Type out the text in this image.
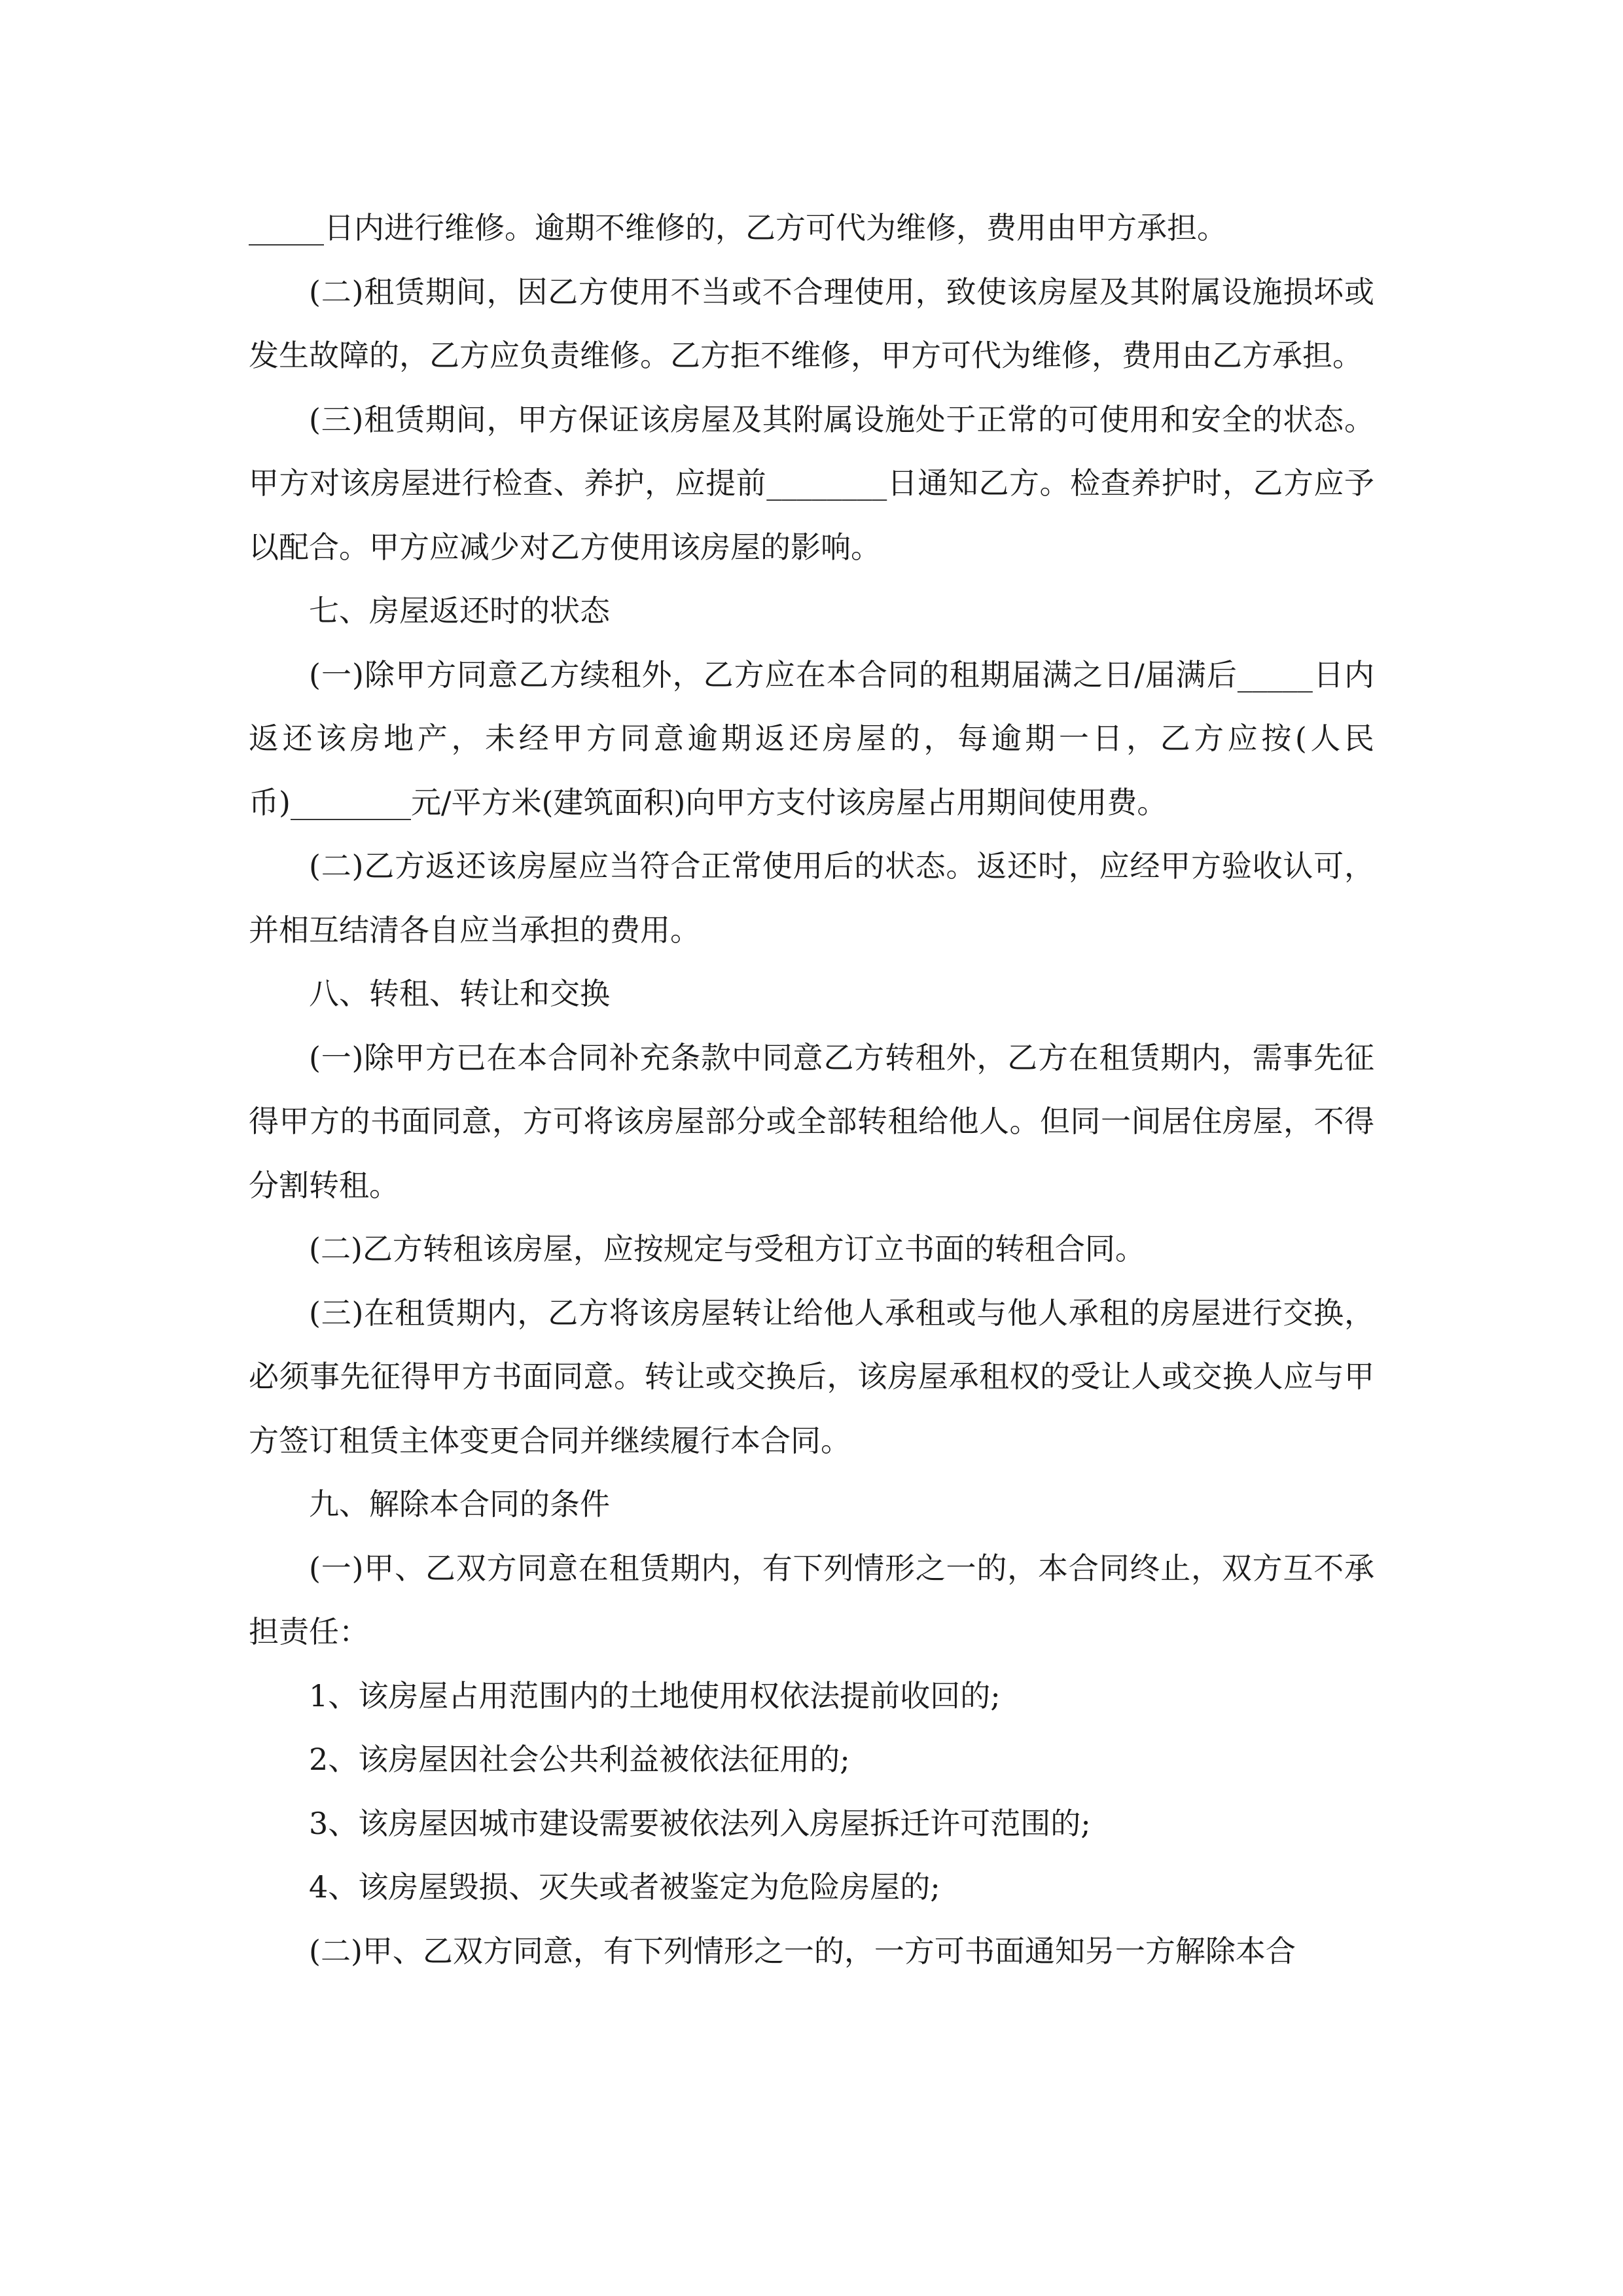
_____日内进行维修。逾期不维修的，乙方可代为维修，费用由甲方承担。

(二)租赁期间，因乙方使用不当或不合理使用，致使该房屋及其附属设施损坏或发生故障的，乙方应负责维修。乙方拒不维修，甲方可代为维修，费用由乙方承担。

(三)租赁期间，甲方保证该房屋及其附属设施处于正常的可使用和安全的状态。甲方对该房屋进行检查、养护，应提前________日通知乙方。检查养护时，乙方应予以配合。甲方应减少对乙方使用该房屋的影响。

七、房屋返还时的状态

(一)除甲方同意乙方续租外，乙方应在本合同的租期届满之日/届满后_____日内返还该房地产，未经甲方同意逾期返还房屋的，每逾期一日，乙方应按(人民币)________元/平方米(建筑面积)向甲方支付该房屋占用期间使用费。

(二)乙方返还该房屋应当符合正常使用后的状态。返还时，应经甲方验收认可，并相互结清各自应当承担的费用。

八、转租、转让和交换

(一)除甲方已在本合同补充条款中同意乙方转租外，乙方在租赁期内，需事先征得甲方的书面同意，方可将该房屋部分或全部转租给他人。但同一间居住房屋，不得分割转租。

(二)乙方转租该房屋，应按规定与受租方订立书面的转租合同。

(三)在租赁期内，乙方将该房屋转让给他人承租或与他人承租的房屋进行交换，必须事先征得甲方书面同意。转让或交换后，该房屋承租权的受让人或交换人应与甲方签订租赁主体变更合同并继续履行本合同。

九、解除本合同的条件

(一)甲、乙双方同意在租赁期内，有下列情形之一的，本合同终止，双方互不承担责任：

1、该房屋占用范围内的土地使用权依法提前收回的;

2、该房屋因社会公共利益被依法征用的;

3、该房屋因城市建设需要被依法列入房屋拆迁许可范围的;

4、该房屋毁损、灭失或者被鉴定为危险房屋的;

(二)甲、乙双方同意，有下列情形之一的，一方可书面通知另一方解除本合
